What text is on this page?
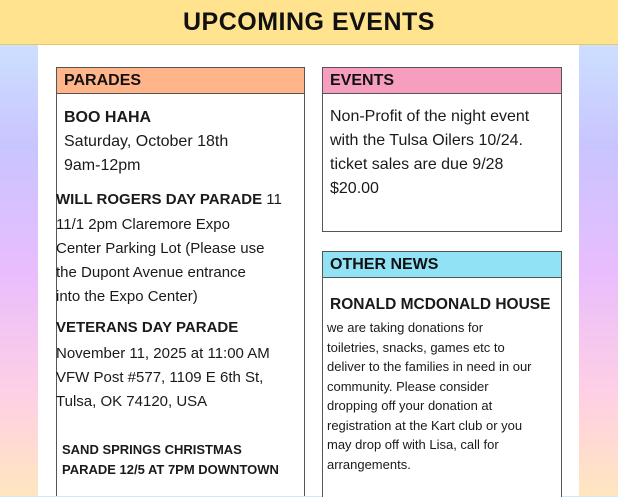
UPCOMING EVENTS
PARADES
BOO HAHA
Saturday, October 18th
9am-12pm
WILL ROGERS DAY PARADE 11
11/1 2pm Claremore Expo
Center Parking Lot (Please use
the Dupont Avenue entrance
into the Expo Center)
VETERANS DAY PARADE
November 11, 2025 at 11:00 AM
VFW Post #577, 1109 E 6th St,
Tulsa, OK 74120, USA
SAND SPRINGS CHRISTMAS
PARADE 12/5 AT 7PM DOWNTOWN
EVENTS
Non-Profit of the night event
with the Tulsa Oilers 10/24.
ticket sales are due 9/28
$20.00
OTHER NEWS
RONALD MCDONALD HOUSE
we are taking donations for
toiletries, snacks, games etc to
deliver to the families in need in our
community. Please consider
dropping off your donation at
registration at the Kart club or you
may drop off with Lisa, call for
arrangements.
